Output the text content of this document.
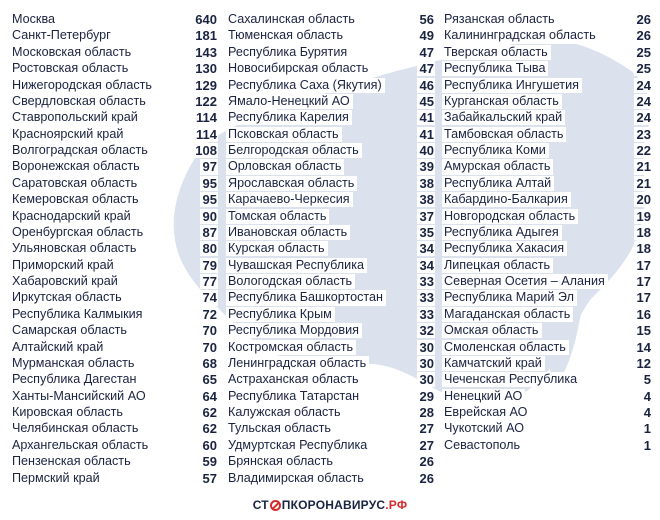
Москва	640
Санкт-Петербург	181
Московская область	143
Ростовская область	130
Нижегородская область	129
Свердловская область	122
Ставропольский край	114
Красноярский край	114
Волгоградская область	108
Воронежская область	97
Саратовская область	95
Кемеровская область	95
Краснодарский край	90
Оренбургская область	87
Ульяновская область	80
Приморский край	79
Хабаровский край	77
Иркутская область	74
Республика Калмыкия	72
Самарская область	70
Алтайский край	70
Мурманская область	68
Республика Дагестан	65
Ханты-Мансийский АО	64
Кировская область	62
Челябинская область	62
Архангельская область	60
Пензенская область	59
Пермский край	57
Сахалинская область	56
Тюменская область	49
Республика Бурятия	47
Новосибирская область	47
Республика Саха (Якутия)	46
Ямало-Ненецкий АО	45
Республика Карелия	41
Псковская область	41
Белгородская область	40
Орловская область	39
Ярославская область	38
Карачаево-Черкесия	38
Томская область	37
Ивановская область	35
Курская область	34
Чувашская Республика	34
Вологодская область	33
Республика Башкортостан	33
Республика Крым	33
Республика Мордовия	32
Костромская область	30
Ленинградская область	30
Астраханская область	30
Республика Татарстан	29
Калужская область	28
Тульская область	27
Удмуртская Республика	27
Брянская область	26
Владимирская область	26
Рязанская область	26
Калининградская область	26
Тверская область	25
Республика Тыва	25
Республика Ингушетия	24
Курганская область	24
Забайкальский край	24
Тамбовская область	23
Республика Коми	22
Амурская область	21
Республика Алтай	21
Кабардино-Балкария	20
Новгородская область	19
Республика Адыгея	18
Республика Хакасия	18
Липецкая область	17
Северная Осетия – Алания 17
Республика Марий Эл	17
Магаданская область	16
Омская область	15
Смоленская область	14
Камчатский край	12
Чеченская Республика	5
Ненецкий АО	4
Еврейская АО	4
Чукотский АО	1
Севастополь	1
СТ ПКОРОНАВИРУС.РФ
